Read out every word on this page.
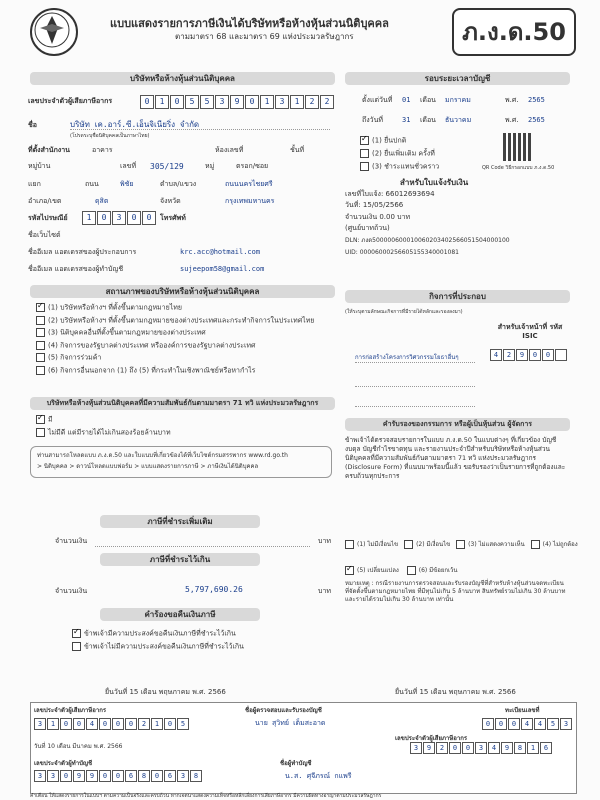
แบบแสดงรายการภาษีเงินได้บริษัทหรือห้างหุ้นส่วนนิติบุคคล
ตามมาตรา 68 และมาตรา 69 แห่งประมวลรัษฎากร	ภ.ง.ด.50
บริษัทหรือห้างหุ้นส่วนนิติบุคคล
เลขประจำตัวผู้เสียภาษีอากร	0	1	0	5	5	3	9	0	1	3	1	2	2
ชื่อ	บริษัท เค.อาร์.ซี.เอ็นจิเนียริ่ง จำกัด
(โปรดระบุชื่อนิติบุคคลเป็นภาษาไทย)
ที่ตั้งสำนักงาน	อาคาร	ห้องเลขที่	ชั้นที่
หมู่บ้าน	เลขที่ 305/129	หมู่	ตรอก/ซอย
แยก	ถนน	พิชัย	ตำบล/แขวง	ถนนนครไชยศรี
อำเภอ/เขต	ดุสิต	จังหวัด	กรุงเทพมหานคร
รหัสไปรษณีย์	1	0	3	0	0	โทรศัพท์
ชื่อเว็บไซต์
ชื่ออีเมล แอดเดรสของผู้ประกอบการ	krc.acc@hotmail.com
ชื่ออีเมล แอดเดรสของผู้ทำบัญชี	sujeepom58@gmail.com
รอบระยะเวลาบัญชี
ตั้งแต่วันที่ 01 เดือน มกราคม	พ.ศ. 2565
ถึงวันที่	31 เดือน ธันวาคม	พ.ศ. 2565
✓(1) ยื่นปกติ
(2) ยื่นเพิ่มเติม ครั้งที่
(3) ชำระแทนชั่วคราว	QR Code วิธีกรอกแบบ ภ.ง.ด.50
สำหรับใบแจ้งรับเงิน
เลขที่ใบแจ้ง: 66012693694
วันที่: 15/05/2566
จำนวนเงิน 0.00 บาท
(ศูนย์บาทถ้วน)
DLN: ภงด50000060001006020340256605150400010​0
UID: 000060002566051553400010​81
สถานภาพของบริษัทหรือห้างหุ้นส่วนนิติบุคคล
✓(1) บริษัทหรือห้างฯ ที่ตั้งขึ้นตามกฎหมายไทย
(2) บริษัทหรือห้างฯ ที่ตั้งขึ้นตามกฎหมายของต่างประเทศและกระทำกิจการในประเทศไทย
(3) นิติบุคคลอื่นที่ตั้งขึ้นตามกฎหมายของต่างประเทศ
(4) กิจการของรัฐบาลต่างประเทศ หรือองค์การของรัฐบาลต่างประเทศ
(5) กิจการร่วมค้า
(6) กิจการอื่นนอกจาก (1) ถึง (5) ที่กระทำในเชิงพาณิชย์หรือหากำไร
บริษัทหรือห้างหุ้นส่วนนิติบุคคลที่มีความสัมพันธ์กันตามมาตรา 71 ทวิ แห่งประมวลรัษฎากร
✓มี
ไม่มีดี แต่มีรายได้ไม่เกินสองร้อยล้านบาท
ท่านสามารถโหลดแบบ ภ.ง.ด.50 และใบแนบที่เกี่ยวข้องได้ที่เว็บไซต์กรมสรรพากร www.rd.go.th
> นิติบุคคล > ดาวน์โหลดแบบฟอร์ม > แบบแสดงรายการภาษี > ภาษีเงินได้นิติบุคคล
ภาษีที่ชำระเพิ่มเติม
จำนวนเงิน	บาท
ภาษีที่ชำระไว้เกิน
จำนวนเงิน	5,797,690.26	บาท
คำร้องขอคืนเงินภาษี
✓ข้าพเจ้ามีความประสงค์ขอคืนเงินภาษีที่ชำระไว้เกิน
ข้าพเจ้าไม่มีความประสงค์ขอคืนเงินภาษีที่ชำระไว้เกิน
ยื่นวันที่ 15 เดือน พฤษภาคม พ.ศ. 2566
กิจการที่ประกอบ
(ให้ระบุตามลักษณะกิจการที่มีรายได้หลักและรองลงมา)
สำหรับเจ้าหน้าที่ รหัส ISIC
การก่อสร้างโครงการวิศวกรรมโยธาอื่นๆ	4	2	9	0	0
คำรับรองของกรรมการ หรือผู้เป็นหุ้นส่วน ผู้จัดการ
ข้าพเจ้าได้ตรวจสอบรายการในแบบ ภ.ง.ด.50 ในแบบต่างๆ ที่เกี่ยวข้อง บัญชีงบดุล บัญชีกำไรขาดทุน และรายงานประจำปีสำหรับบริษัทหรือห้างหุ้นส่วนนิติบุคคลที่มีความสัมพันธ์กันตามมาตรา 71 ทวิ แห่งประมวลรัษฎากร (Disclosure Form) ที่แนบมาพร้อมนี้แล้ว ขอรับรองว่าเป็นรายการที่ถูกต้องและครบถ้วนทุกประการ
(1) ไม่มีเงื่อนไข	(2) มีเงื่อนไข	(3) ไม่แสดงความเห็น	(4) ไม่ถูกต้อง
✓(5) เปลี่ยนแปลง	(6) มีข้อยกเว้น
หมายเหตุ : กรณีรายงานการตรวจสอบและรับรองบัญชีที่สำหรับห้างหุ้นส่วนจดทะเบียนที่จัดตั้งขึ้นตามกฎหมายไทย ที่มีทุนไม่เกิน 5 ล้านบาท สินทรัพย์รวมไม่เกิน 30 ล้านบาท และรายได้รวมไม่เกิน 30 ล้านบาท เท่านั้น
ยื่นวันที่ 15 เดือน พฤษภาคม พ.ศ. 2566
เลขประจำตัวผู้เสียภาษีอากร
3	1	0	0	4	0	0	0	2	1	0	5
ชื่อผู้ตรวจสอบและรับรองบัญชี
นาย สุวิทย์ เต็มสะอาด
ทะเบียนเลขที่
0	0	0	4	4	5	3
วันที่ 10 เดือน มีนาคม พ.ศ. 2566
เลขประจำตัวผู้เสียภาษีอากร
3	9	2	0	0	3	4	9	8	1	6
เลขประจำตัวผู้ทำบัญชี
3	3	0	9	9	0	0	6	8	0	6	3	8
ชื่อผู้ทำบัญชี
น.ส. ศุจีภรณ์ กแพรี
คำเตือน ให้แสดงรายการในแบบฯ ตามความเป็นจริงและครบถ้วน หากเจตนาแสดงความเท็จหรือหลีกเลี่ยงการเสียภาษีอากร มีความผิดทางอาญาตามประมวลรัษฎากร
